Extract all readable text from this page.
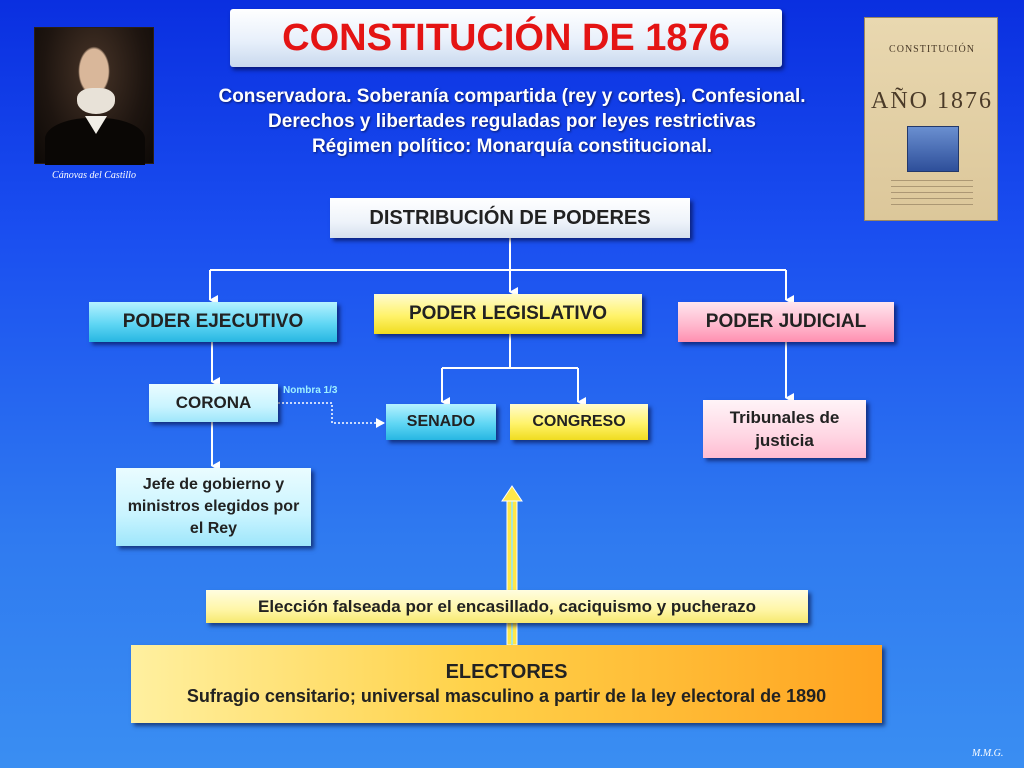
Cánovas del Castillo
CONSTITUCIÓN DE 1876
Conservadora. Soberanía compartida (rey y cortes). Confesional.
Derechos y libertades reguladas por leyes restrictivas
Régimen político: Monarquía constitucional.
CONSTITUCIÓN
AÑO 1876
DISTRIBUCIÓN DE PODERES
PODER EJECUTIVO	PODER LEGISLATIVO	PODER JUDICIAL
CORONA
Nombra 1/3
SENADO	CONGRESO	Tribunales de justicia
Jefe de gobierno y ministros elegidos por el Rey
Elección falseada por el encasillado, caciquismo y pucherazo
ELECTORES
Sufragio censitario; universal masculino a partir de la ley electoral de 1890
M.M.G.
